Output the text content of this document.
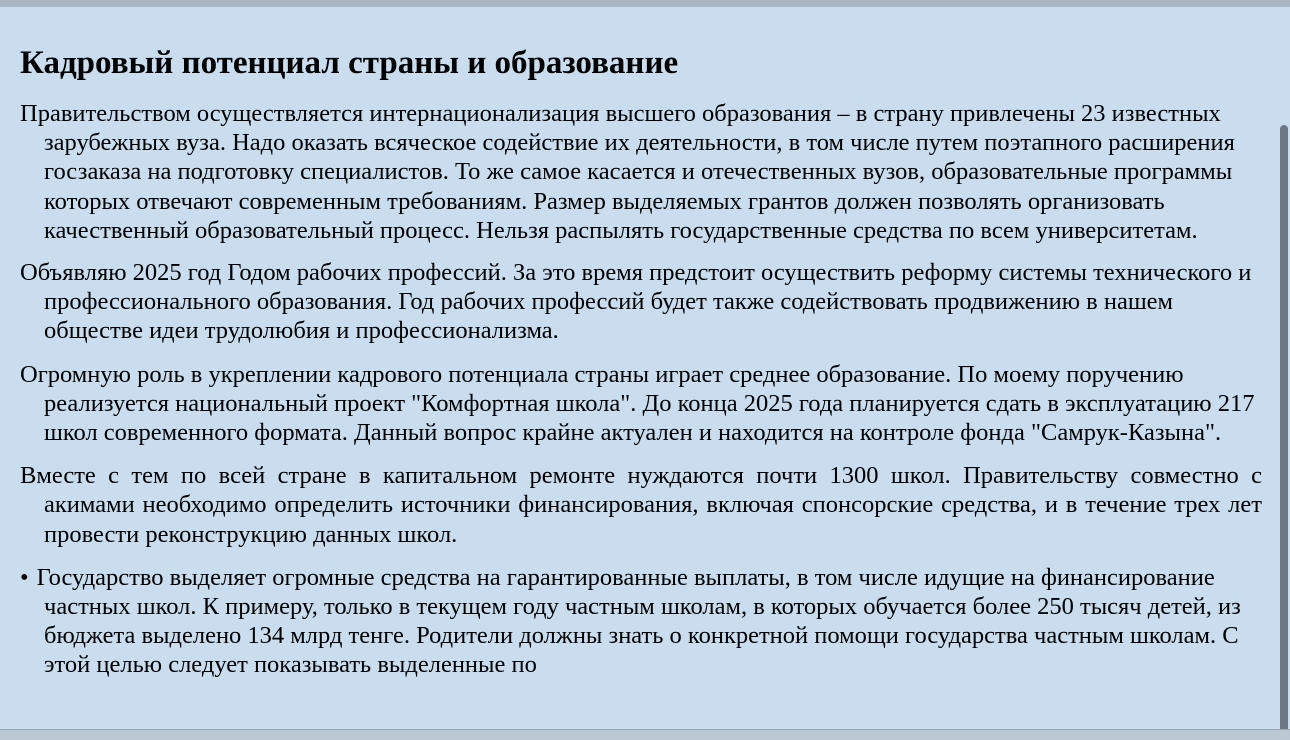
Кадровый потенциал страны и образование

Правительством осуществляется интернационализация высшего образования – в страну привлечены 23 известных зарубежных вуза. Надо оказать всяческое содействие их деятельности, в том числе путем поэтапного расширения госзаказа на подготовку специалистов. То же самое касается и отечественных вузов, образовательные программы которых отвечают современным требованиям. Размер выделяемых грантов должен позволять организовать качественный образовательный процесс. Нельзя распылять государственные средства по всем университетам.

Объявляю 2025 год Годом рабочих профессий. За это время предстоит осуществить реформу системы технического и профессионального образования. Год рабочих профессий будет также содействовать продвижению в нашем обществе идеи трудолюбия и профессионализма.

Огромную роль в укреплении кадрового потенциала страны играет среднее образование. По моему поручению реализуется национальный проект "Комфортная школа". До конца 2025 года планируется сдать в эксплуатацию 217 школ современного формата. Данный вопрос крайне актуален и находится на контроле фонда "Самрук-Казына".

Вместе с тем по всей стране в капитальном ремонте нуждаются почти 1300 школ. Правительству совместно с акимами необходимо определить источники финансирования, включая спонсорские средства, и в течение трех лет провести реконструкцию данных школ.

• Государство выделяет огромные средства на гарантированные выплаты, в том числе идущие на финансирование частных школ. К примеру, только в текущем году частным школам, в которых обучается более 250 тысяч детей, из бюджета выделено 134 млрд тенге. Родители должны знать о конкретной помощи государства частным школам. С этой целью следует показывать выделенные по
